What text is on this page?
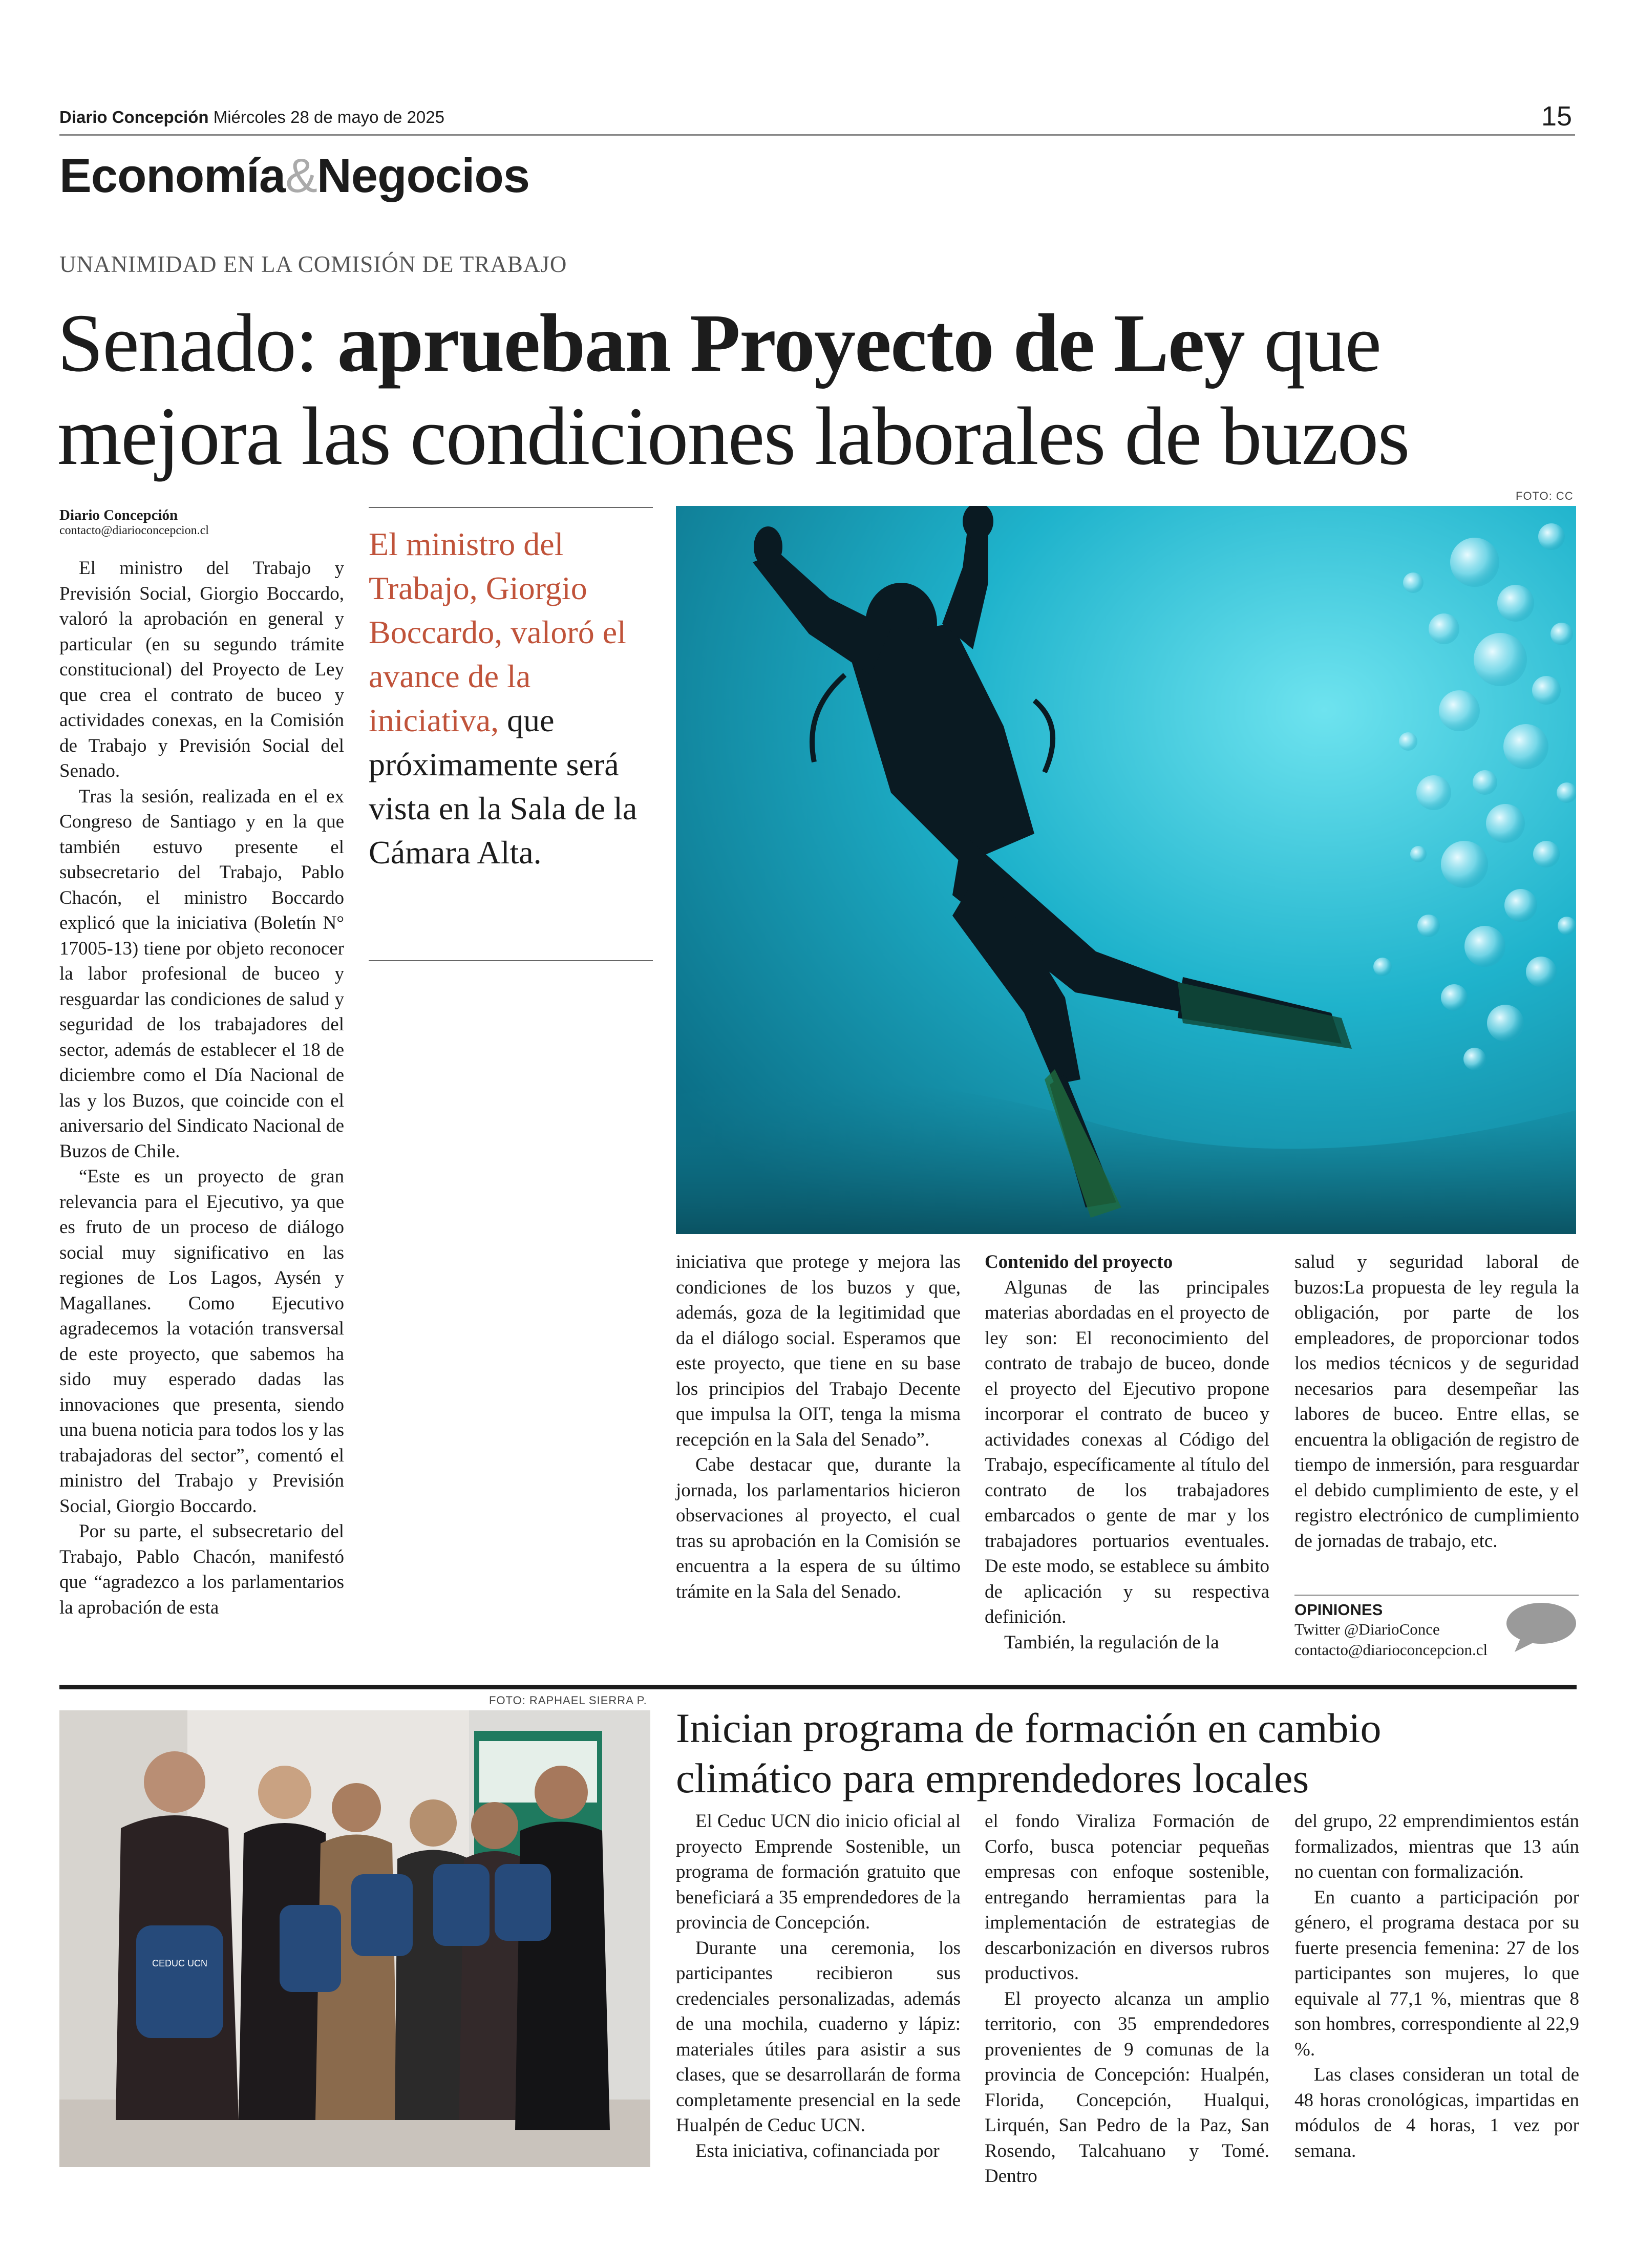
Diario Concepción Miércoles 28 de mayo de 2025	15
Economía&Negocios
UNANIMIDAD EN LA COMISIÓN DE TRABAJO
Senado: aprueban Proyecto de Ley que
mejora las condiciones laborales de buzos
Diario Concepción
contacto@diarioconcepcion.cl

El ministro del Trabajo y Previsión Social, Giorgio Boccardo, valoró la aprobación en general y particular (en su segundo trámite constitucional) del Proyecto de Ley que crea el contrato de buceo y actividades conexas, en la Comisión de Trabajo y Previsión Social del Senado.

Tras la sesión, realizada en el ex Congreso de Santiago y en la que también estuvo presente el subsecretario del Trabajo, Pablo Chacón, el ministro Boccardo explicó que la iniciativa (Boletín N° 17005-13) tiene por objeto reconocer la labor profesional de buceo y resguardar las condiciones de salud y seguridad de los trabajadores del sector, además de establecer el 18 de diciembre como el Día Nacional de las y los Buzos, que coincide con el aniversario del Sindicato Nacional de Buzos de Chile.

“Este es un proyecto de gran relevancia para el Ejecutivo, ya que es fruto de un proceso de diálogo social muy significativo en las regiones de Los Lagos, Aysén y Magallanes. Como Ejecutivo agradecemos la votación transversal de este proyecto, que sabemos ha sido muy esperado dadas las innovaciones que presenta, siendo una buena noticia para todos los y las trabajadoras del sector”, comentó el ministro del Trabajo y Previsión Social, Giorgio Boccardo.

Por su parte, el subsecretario del Trabajo, Pablo Chacón, manifestó que “agradezco a los parlamentarios la aprobación de esta

El ministro del Trabajo, Giorgio Boccardo, valoró el avance de la iniciativa, que próximamente será vista en la Sala de la Cámara Alta.
FOTO: CC

iniciativa que protege y mejora las condiciones de los buzos y que, además, goza de la legitimidad que da el diálogo social. Esperamos que este proyecto, que tiene en su base los principios del Trabajo Decente que impulsa la OIT, tenga la misma recepción en la Sala del Senado”.

Cabe destacar que, durante la jornada, los parlamentarios hicieron observaciones al proyecto, el cual tras su aprobación en la Comisión se encuentra a la espera de su último trámite en la Sala del Senado.

Contenido del proyecto

Algunas de las principales materias abordadas en el proyecto de ley son: El reconocimiento del contrato de trabajo de buceo, donde el proyecto del Ejecutivo propone incorporar el contrato de buceo y actividades conexas al Código del Trabajo, específicamente al título del contrato de los trabajadores embarcados o gente de mar y los trabajadores portuarios eventuales. De este modo, se establece su ámbito de aplicación y su respectiva definición.

También, la regulación de la

salud y seguridad laboral de buzos:La propuesta de ley regula la obligación, por parte de los empleadores, de proporcionar todos los medios técnicos y de seguridad necesarios para desempeñar las labores de buceo. Entre ellas, se encuentra la obligación de registro de tiempo de inmersión, para resguardar el debido cumplimiento de este, y el registro electrónico de cumplimiento de jornadas de trabajo, etc.

OPINIONES
Twitter @DiarioConce
contacto@diarioconcepcion.cl
FOTO: RAPHAEL SIERRA P.
CEDUC UCN
Inician programa de formación en cambio climático para emprendedores locales

El Ceduc UCN dio inicio oficial al proyecto Emprende Sostenible, un programa de formación gratuito que beneficiará a 35 emprendedores de la provincia de Concepción.

Durante una ceremonia, los participantes recibieron sus credenciales personalizadas, además de una mochila, cuaderno y lápiz: materiales útiles para asistir a sus clases, que se desarrollarán de forma completamente presencial en la sede Hualpén de Ceduc UCN.

Esta iniciativa, cofinanciada por

el fondo Viraliza Formación de Corfo, busca potenciar pequeñas empresas con enfoque sostenible, entregando herramientas para la implementación de estrategias de descarbonización en diversos rubros productivos.

El proyecto alcanza un amplio territorio, con 35 emprendedores provenientes de 9 comunas de la provincia de Concepción: Hualpén, Florida, Concepción, Hualqui, Lirquén, San Pedro de la Paz, San Rosendo, Talcahuano y Tomé. Dentro

del grupo, 22 emprendimientos están formalizados, mientras que 13 aún no cuentan con formalización.

En cuanto a participación por género, el programa destaca por su fuerte presencia femenina: 27 de los participantes son mujeres, lo que equivale al 77,1 %, mientras que 8 son hombres, correspondiente al 22,9 %.

Las clases consideran un total de 48 horas cronológicas, impartidas en módulos de 4 horas, 1 vez por semana.
